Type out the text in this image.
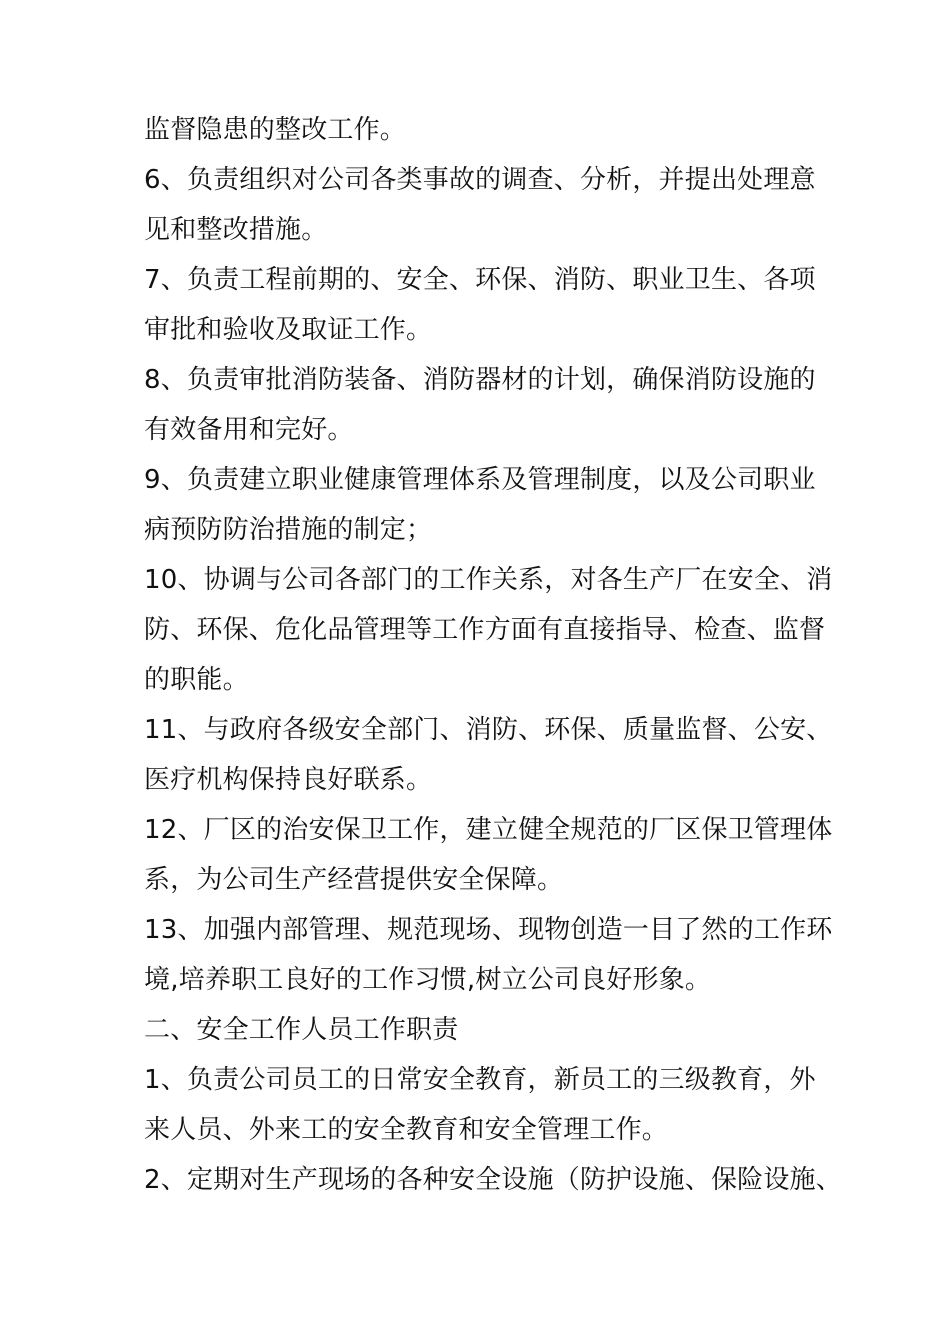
监督隐患的整改工作。
6、负责组织对公司各类事故的调查、分析，并提出处理意
见和整改措施。
7、负责工程前期的、安全、环保、消防、职业卫生、各项
审批和验收及取证工作。
8、负责审批消防装备、消防器材的计划，确保消防设施的
有效备用和完好。
9、负责建立职业健康管理体系及管理制度，以及公司职业
病预防防治措施的制定；
10、协调与公司各部门的工作关系，对各生产厂在安全、消
防、环保、危化品管理等工作方面有直接指导、检查、监督
的职能。
11、与政府各级安全部门、消防、环保、质量监督、公安、
医疗机构保持良好联系。
12、厂区的治安保卫工作，建立健全规范的厂区保卫管理体
系，为公司生产经营提供安全保障。
13、加强内部管理、规范现场、现物创造一目了然的工作环
境,培养职工良好的工作习惯,树立公司良好形象。
二、安全工作人员工作职责
1、负责公司员工的日常安全教育，新员工的三级教育，外
来人员、外来工的安全教育和安全管理工作。
2、定期对生产现场的各种安全设施（防护设施、保险设施、
